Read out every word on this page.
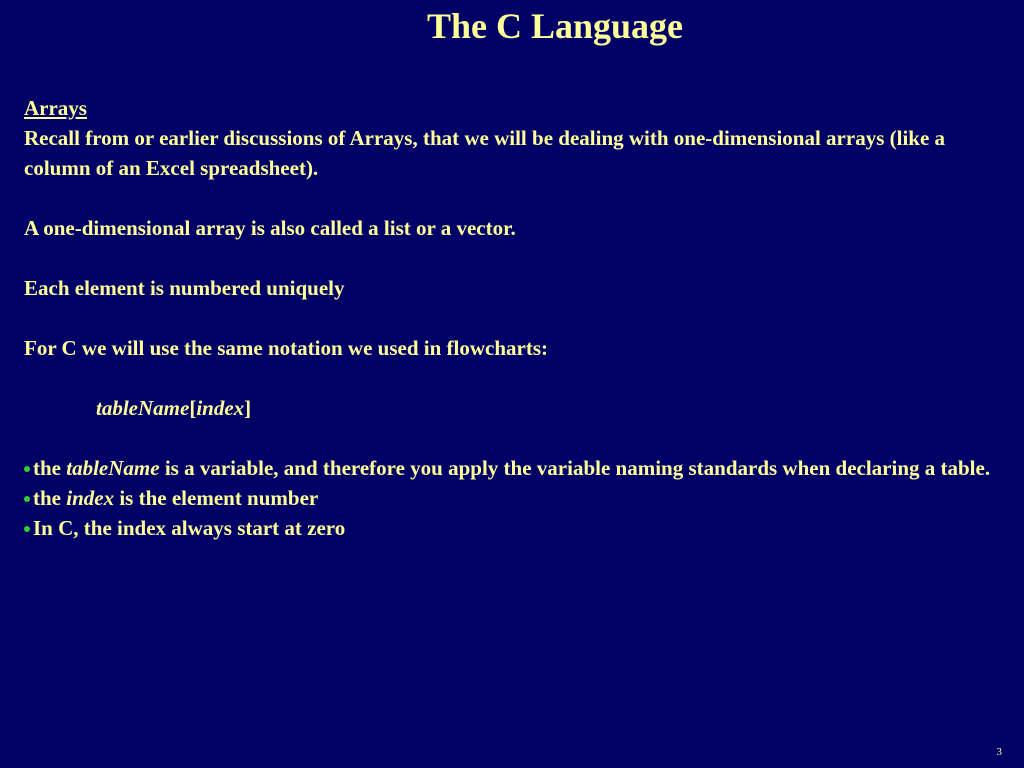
The C Language
Arrays
Recall from or earlier discussions of Arrays, that we will be dealing with one-dimensional arrays (like a column of an Excel spreadsheet).
A one-dimensional array is also called a list or a vector.
Each element is numbered uniquely
For C we will use the same notation we used in flowcharts:
tableName[index]
the tableName is a variable, and therefore you apply the variable naming standards when declaring a table.
the index is the element number
In C, the index always start at zero
3
